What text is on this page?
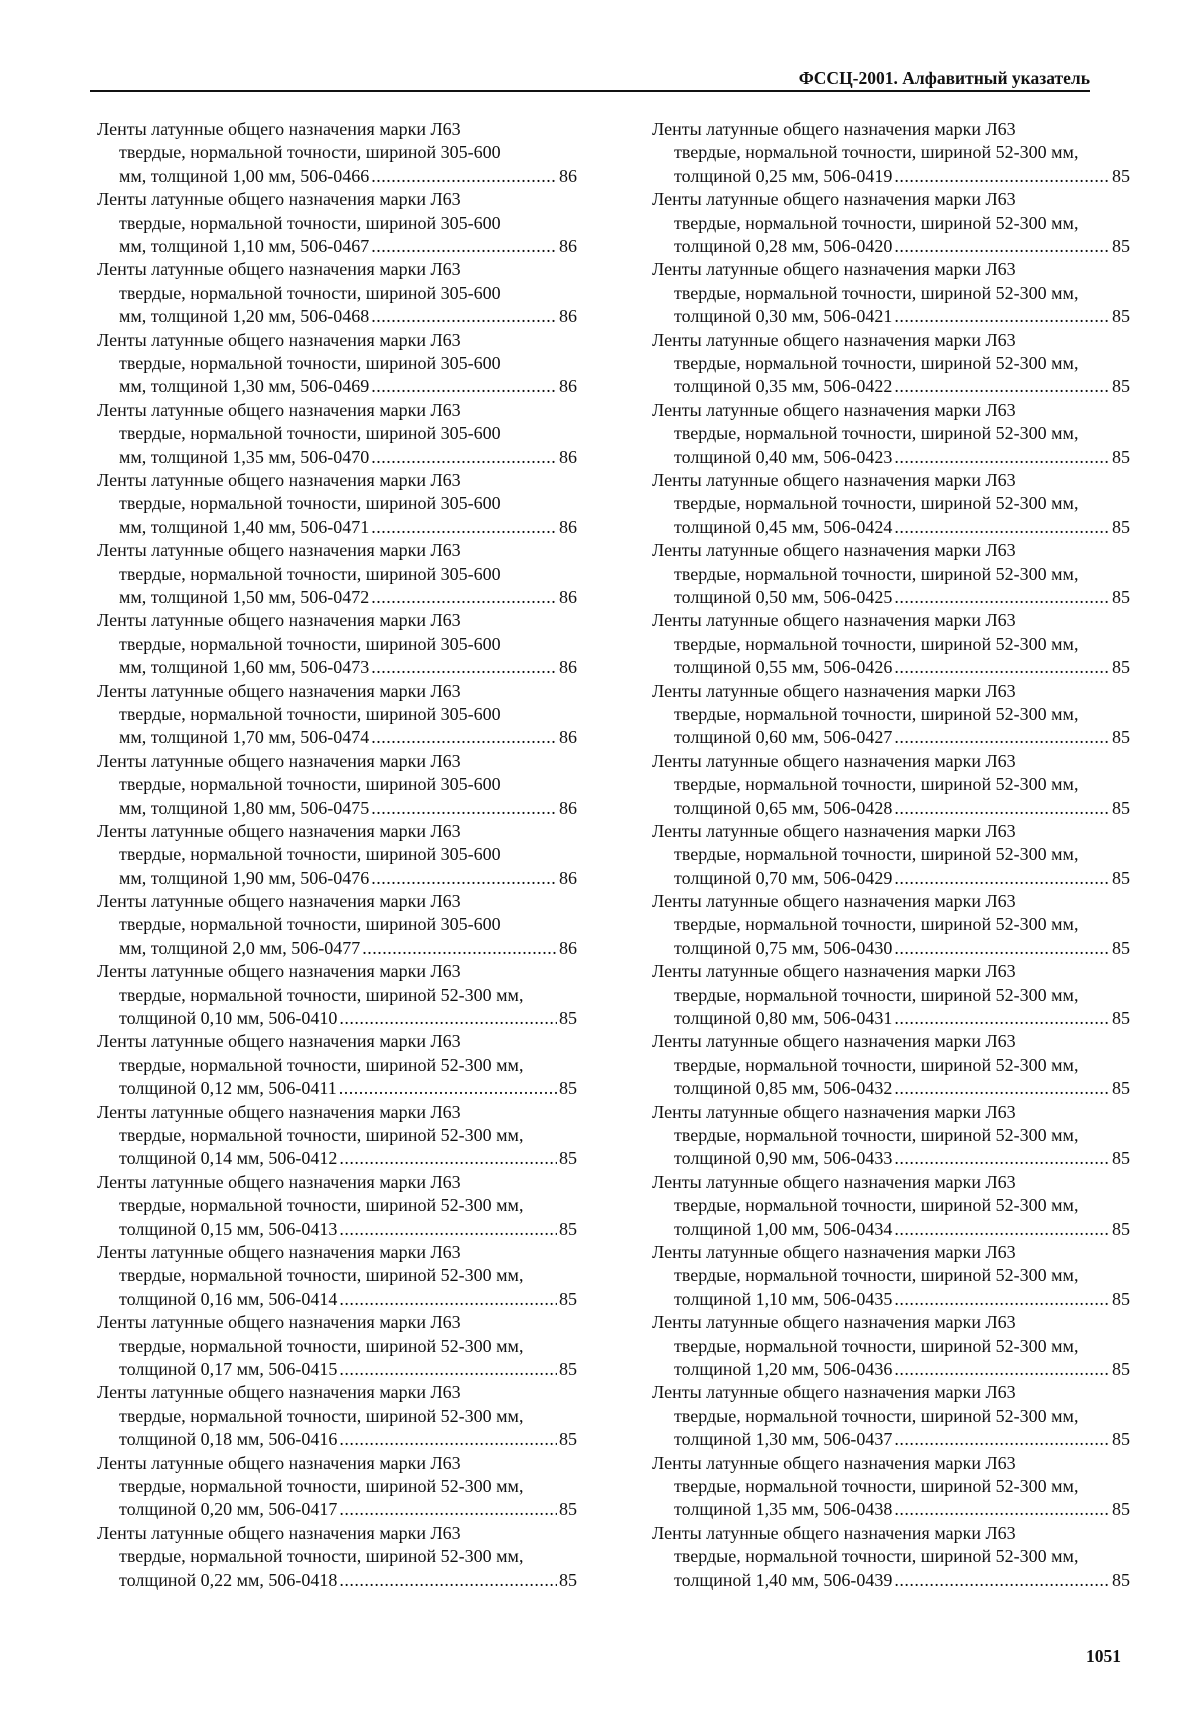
ФССЦ-2001. Алфавитный указатель
Ленты латунные общего назначения марки Л63
твердые, нормальной точности, шириной 305-600
мм, толщиной 1,00 мм, 506-0466 .....	86
Ленты латунные общего назначения марки Л63
твердые, нормальной точности, шириной 305-600
мм, толщиной 1,10 мм, 506-0467 .....	86
Ленты латунные общего назначения марки Л63
твердые, нормальной точности, шириной 305-600
мм, толщиной 1,20 мм, 506-0468 .....	86
Ленты латунные общего назначения марки Л63
твердые, нормальной точности, шириной 305-600
мм, толщиной 1,30 мм, 506-0469 .....	86
Ленты латунные общего назначения марки Л63
твердые, нормальной точности, шириной 305-600
мм, толщиной 1,35 мм, 506-0470 .....	86
Ленты латунные общего назначения марки Л63
твердые, нормальной точности, шириной 305-600
мм, толщиной 1,40 мм, 506-0471 .....	86
Ленты латунные общего назначения марки Л63
твердые, нормальной точности, шириной 305-600
мм, толщиной 1,50 мм, 506-0472 .....	86
Ленты латунные общего назначения марки Л63
твердые, нормальной точности, шириной 305-600
мм, толщиной 1,60 мм, 506-0473 .....	86
Ленты латунные общего назначения марки Л63
твердые, нормальной точности, шириной 305-600
мм, толщиной 1,70 мм, 506-0474 .....	86
Ленты латунные общего назначения марки Л63
твердые, нормальной точности, шириной 305-600
мм, толщиной 1,80 мм, 506-0475 .....	86
Ленты латунные общего назначения марки Л63
твердые, нормальной точности, шириной 305-600
мм, толщиной 1,90 мм, 506-0476 .....	86
Ленты латунные общего назначения марки Л63
твердые, нормальной точности, шириной 305-600
мм, толщиной 2,0 мм, 506-0477 .....	86
Ленты латунные общего назначения марки Л63
твердые, нормальной точности, шириной 52-300 мм,
толщиной 0,10 мм, 506-0410 .....	85
Ленты латунные общего назначения марки Л63
твердые, нормальной точности, шириной 52-300 мм,
толщиной 0,12 мм, 506-0411 .....	85
Ленты латунные общего назначения марки Л63
твердые, нормальной точности, шириной 52-300 мм,
толщиной 0,14 мм, 506-0412 .....	85
Ленты латунные общего назначения марки Л63
твердые, нормальной точности, шириной 52-300 мм,
толщиной 0,15 мм, 506-0413 .....	85
Ленты латунные общего назначения марки Л63
твердые, нормальной точности, шириной 52-300 мм,
толщиной 0,16 мм, 506-0414 .....	85
Ленты латунные общего назначения марки Л63
твердые, нормальной точности, шириной 52-300 мм,
толщиной 0,17 мм, 506-0415 .....	85
Ленты латунные общего назначения марки Л63
твердые, нормальной точности, шириной 52-300 мм,
толщиной 0,18 мм, 506-0416 .....	85
Ленты латунные общего назначения марки Л63
твердые, нормальной точности, шириной 52-300 мм,
толщиной 0,20 мм, 506-0417 .....	85
Ленты латунные общего назначения марки Л63
твердые, нормальной точности, шириной 52-300 мм,
толщиной 0,22 мм, 506-0418 .....	85
Ленты латунные общего назначения марки Л63
твердые, нормальной точности, шириной 52-300 мм,
толщиной 0,25 мм, 506-0419 .....	85
Ленты латунные общего назначения марки Л63
твердые, нормальной точности, шириной 52-300 мм,
толщиной 0,28 мм, 506-0420 .....	85
Ленты латунные общего назначения марки Л63
твердые, нормальной точности, шириной 52-300 мм,
толщиной 0,30 мм, 506-0421 .....	85
Ленты латунные общего назначения марки Л63
твердые, нормальной точности, шириной 52-300 мм,
толщиной 0,35 мм, 506-0422 .....	85
Ленты латунные общего назначения марки Л63
твердые, нормальной точности, шириной 52-300 мм,
толщиной 0,40 мм, 506-0423 .....	85
Ленты латунные общего назначения марки Л63
твердые, нормальной точности, шириной 52-300 мм,
толщиной 0,45 мм, 506-0424 .....	85
Ленты латунные общего назначения марки Л63
твердые, нормальной точности, шириной 52-300 мм,
толщиной 0,50 мм, 506-0425 .....	85
Ленты латунные общего назначения марки Л63
твердые, нормальной точности, шириной 52-300 мм,
толщиной 0,55 мм, 506-0426 .....	85
Ленты латунные общего назначения марки Л63
твердые, нормальной точности, шириной 52-300 мм,
толщиной 0,60 мм, 506-0427 .....	85
Ленты латунные общего назначения марки Л63
твердые, нормальной точности, шириной 52-300 мм,
толщиной 0,65 мм, 506-0428 .....	85
Ленты латунные общего назначения марки Л63
твердые, нормальной точности, шириной 52-300 мм,
толщиной 0,70 мм, 506-0429 .....	85
Ленты латунные общего назначения марки Л63
твердые, нормальной точности, шириной 52-300 мм,
толщиной 0,75 мм, 506-0430 .....	85
Ленты латунные общего назначения марки Л63
твердые, нормальной точности, шириной 52-300 мм,
толщиной 0,80 мм, 506-0431 .....	85
Ленты латунные общего назначения марки Л63
твердые, нормальной точности, шириной 52-300 мм,
толщиной 0,85 мм, 506-0432 .....	85
Ленты латунные общего назначения марки Л63
твердые, нормальной точности, шириной 52-300 мм,
толщиной 0,90 мм, 506-0433 .....	85
Ленты латунные общего назначения марки Л63
твердые, нормальной точности, шириной 52-300 мм,
толщиной 1,00 мм, 506-0434 .....	85
Ленты латунные общего назначения марки Л63
твердые, нормальной точности, шириной 52-300 мм,
толщиной 1,10 мм, 506-0435 .....	85
Ленты латунные общего назначения марки Л63
твердые, нормальной точности, шириной 52-300 мм,
толщиной 1,20 мм, 506-0436 .....	85
Ленты латунные общего назначения марки Л63
твердые, нормальной точности, шириной 52-300 мм,
толщиной 1,30 мм, 506-0437 .....	85
Ленты латунные общего назначения марки Л63
твердые, нормальной точности, шириной 52-300 мм,
толщиной 1,35 мм, 506-0438 .....	85
Ленты латунные общего назначения марки Л63
твердые, нормальной точности, шириной 52-300 мм,
толщиной 1,40 мм, 506-0439 .....	85
1051
